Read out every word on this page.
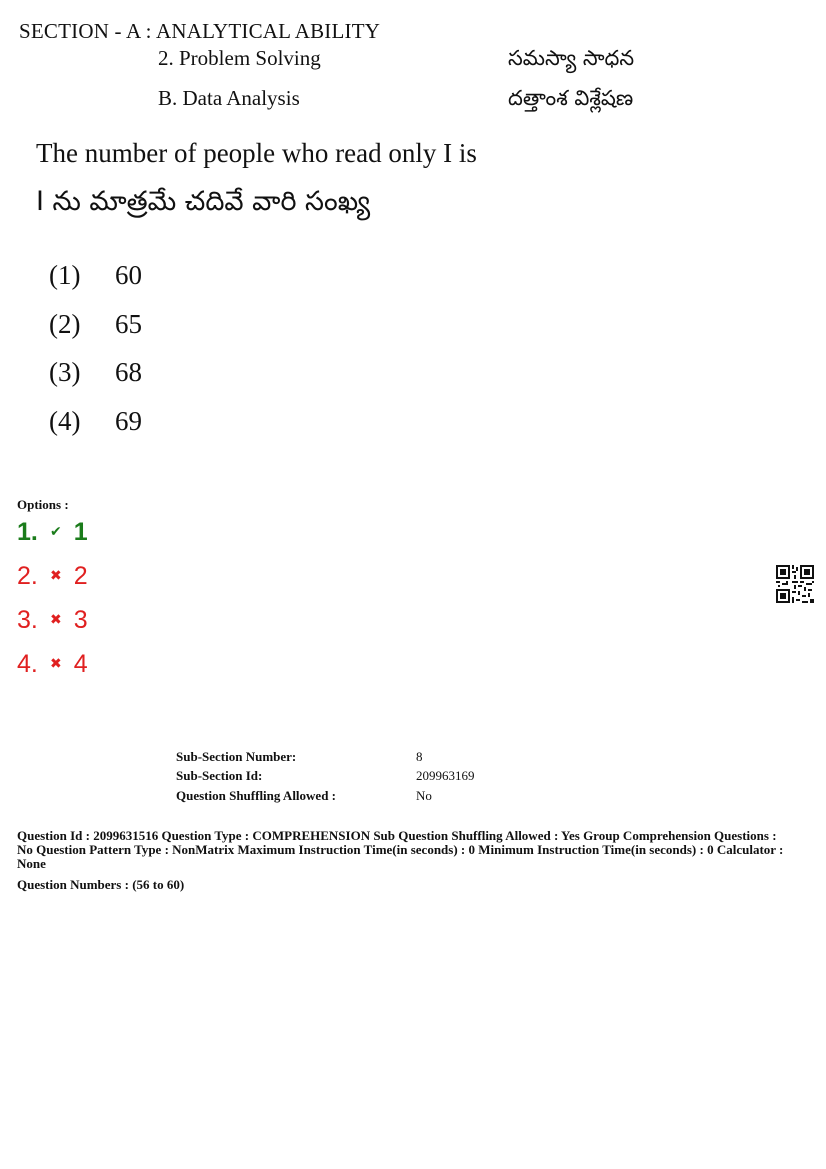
SECTION - A : ANALYTICAL ABILITY
2. Problem Solving	సమస్యా సాధన
B. Data Analysis	దత్తాంశ విశ్లేషణ
The number of people who read only I is
I ను మాత్రమే చదివే వారి సంఖ్య
(1) 60
(2) 65
(3) 68
(4) 69
Options :
1. ✔ 1
2. ✖ 2
3. ✖ 3
4. ✖ 4
Sub-Section Number:	8
Sub-Section Id:	209963169
Question Shuffling Allowed :	No
Question Id : 2099631516 Question Type : COMPREHENSION Sub Question Shuffling Allowed : Yes Group Comprehension Questions : No Question Pattern Type : NonMatrix Maximum Instruction Time(in seconds) : 0 Minimum Instruction Time(in seconds) : 0 Calculator : None
Question Numbers : (56 to 60)
